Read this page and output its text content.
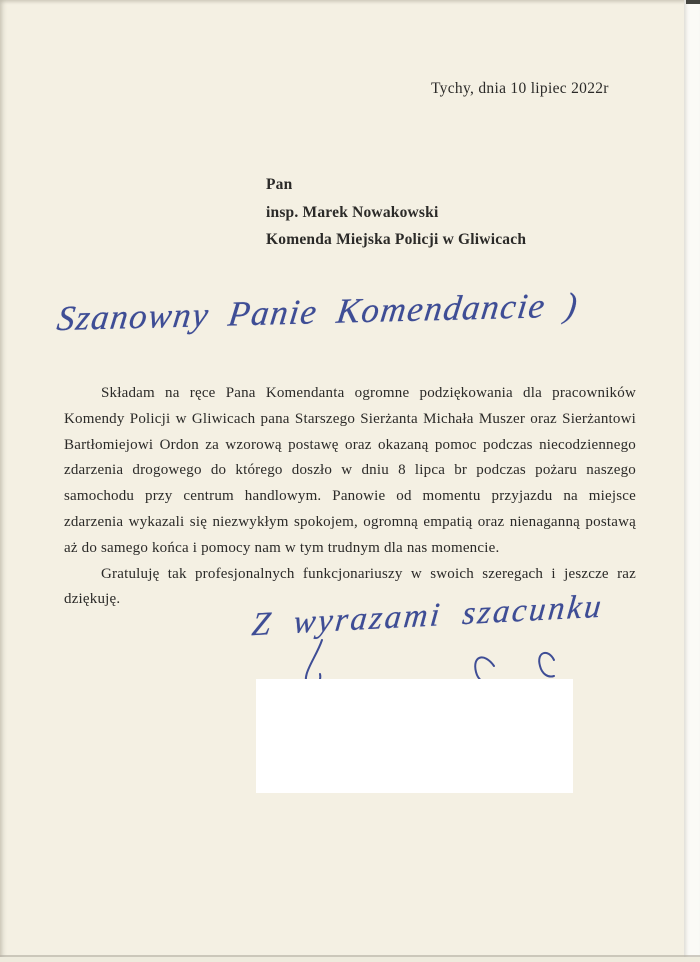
Tychy, dnia 10 lipiec 2022r
Pan
insp. Marek Nowakowski
Komenda Miejska Policji w Gliwicach
Szanowny Panie Komendancie )

Składam na ręce Pana Komendanta ogromne podziękowania dla pracowników Komendy Policji w Gliwicach pana Starszego Sierżanta Michała Muszer oraz Sierżantowi Bartłomiejowi Ordon za wzorową postawę oraz okazaną pomoc podczas niecodziennego zdarzenia drogowego do którego doszło w dniu 8 lipca br podczas pożaru naszego samochodu przy centrum handlowym. Panowie od momentu przyjazdu na miejsce zdarzenia wykazali się niezwykłym spokojem, ogromną empatią oraz nienaganną postawą aż do samego końca i pomocy nam w tym trudnym dla nas momencie.

Gratuluję tak profesjonalnych funkcjonariuszy w swoich szeregach i jeszcze raz dziękuję.	Z wyrazami szacunku
